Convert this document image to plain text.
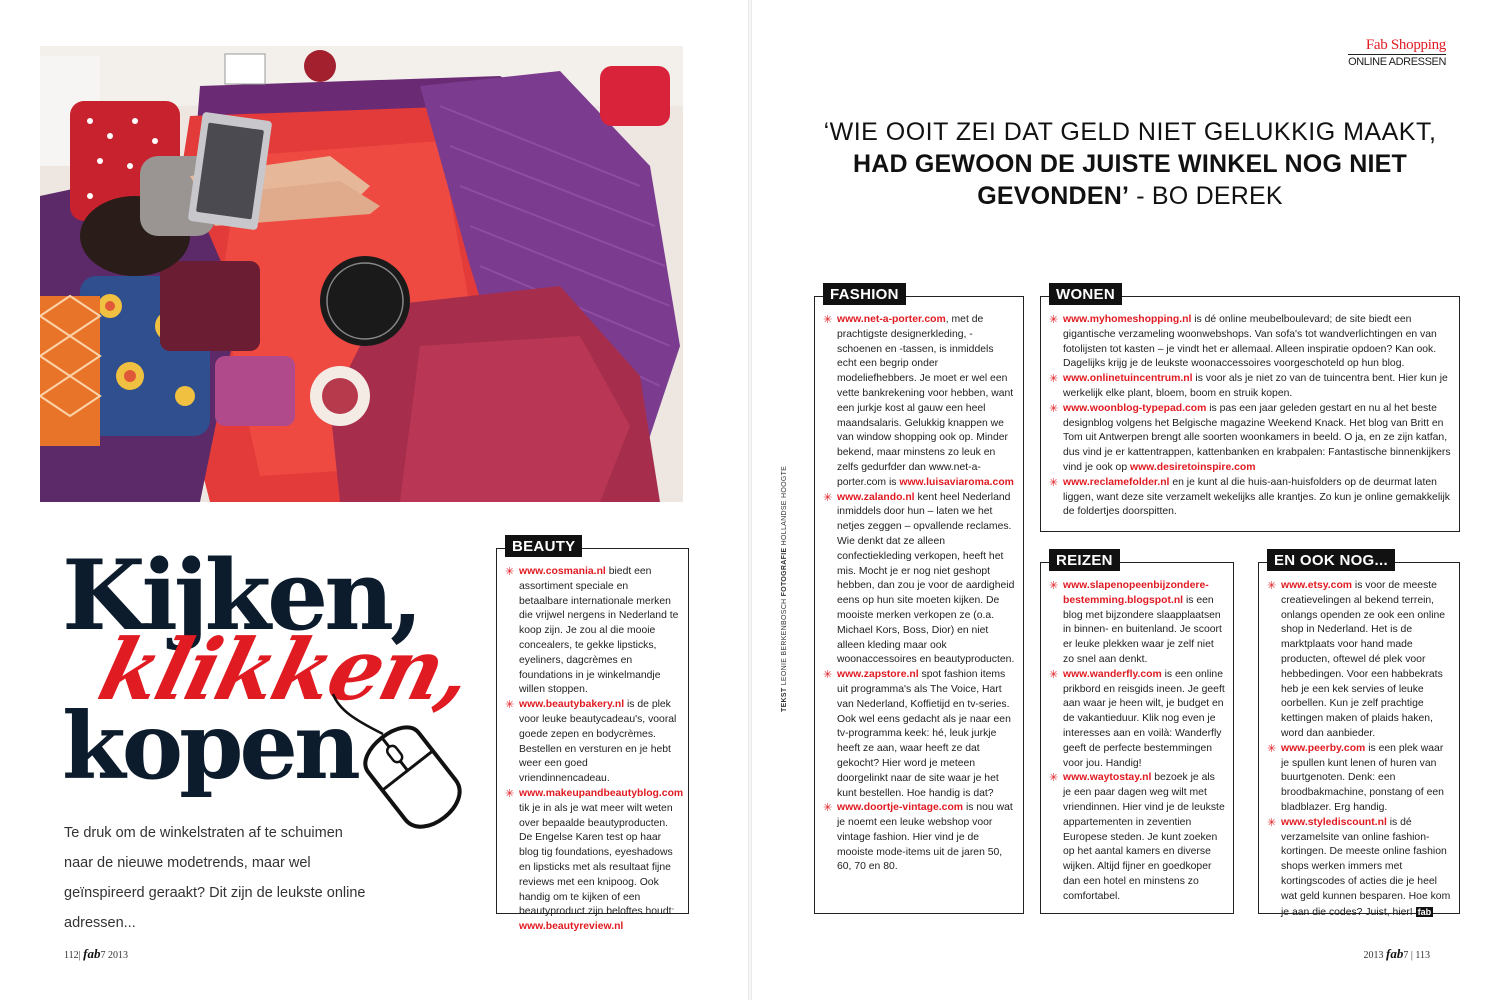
Kijken,
klikken,
kopen

Te druk om de winkelstraten af te schuimen naar de nieuwe modetrends, maar wel geïnspireerd geraakt? Dit zijn de leukste online adressen...

112| fab7 2013
BEAUTY

✳ www.cosmania.nl biedt een assortiment speciale en betaalbare internationale merken die vrijwel nergens in Nederland te koop zijn. Je zou al die mooie concealers, te gekke lipsticks, eyeliners, dagcrèmes en foundations in je winkelmandje willen stoppen.

✳ www.beautybakery.nl is de plek voor leuke beautycadeau's, vooral goede zepen en bodycrèmes. Bestellen en versturen en je hebt weer een goed vriendinnencadeau.

✳ www.makeupandbeautyblog.com tik je in als je wat meer wilt weten over bepaalde beautyproducten. De Engelse Karen test op haar blog tig foundations, eyeshadows en lipsticks met als resultaat fijne reviews met een knipoog. Ook handig om te kijken of een beautyproduct zijn beloftes houdt: www.beautyreview.nl

Fab Shopping
ONLINE ADRESSEN
‘WIE OOIT ZEI DAT GELD NIET GELUKKIG MAAKT,
HAD GEWOON DE JUISTE WINKEL NOG NIET
GEVONDEN’ - BO DEREK
TEKST LEONIE BERKENBOSCH FOTOGRAFIE HOLLANDSE HOOGTE
FASHION

✳ www.net-a-porter.com, met de prachtigste designerkleding, -schoenen en -tassen, is inmiddels echt een begrip onder modeliefhebbers. Je moet er wel een vette bankrekening voor hebben, want een jurkje kost al gauw een heel maandsalaris. Gelukkig knappen we van window shopping ook op. Minder bekend, maar minstens zo leuk en zelfs gedurfder dan www.net-a-porter.com is www.luisaviaroma.com

✳ www.zalando.nl kent heel Nederland inmiddels door hun – laten we het netjes zeggen – opvallende reclames. Wie denkt dat ze alleen confectiekleding verkopen, heeft het mis. Mocht je er nog niet geshopt hebben, dan zou je voor de aardigheid eens op hun site moeten kijken. De mooiste merken verkopen ze (o.a. Michael Kors, Boss, Dior) en niet alleen kleding maar ook woonaccessoires en beautyproducten.

✳ www.zapstore.nl spot fashion items uit programma's als The Voice, Hart van Nederland, Koffietijd en tv-series. Ook wel eens gedacht als je naar een tv-programma keek: hé, leuk jurkje heeft ze aan, waar heeft ze dat gekocht? Hier word je meteen doorgelinkt naar de site waar je het kunt bestellen. Hoe handig is dat?

✳ www.doortje-vintage.com is nou wat je noemt een leuke webshop voor vintage fashion. Hier vind je de mooiste mode-items uit de jaren 50, 60, 70 en 80.

WONEN

✳ www.myhomeshopping.nl is dé online meubelboulevard; de site biedt een gigantische verzameling woonwebshops. Van sofa's tot wandverlichtingen en van fotolijsten tot kasten – je vindt het er allemaal. Alleen inspiratie opdoen? Kan ook. Dagelijks krijg je de leukste woonaccessoires voorgeschoteld op hun blog.

✳ www.onlinetuincentrum.nl is voor als je niet zo van de tuincentra bent. Hier kun je werkelijk elke plant, bloem, boom en struik kopen.

✳ www.woonblog-typepad.com is pas een jaar geleden gestart en nu al het beste designblog volgens het Belgische magazine Weekend Knack. Het blog van Britt en Tom uit Antwerpen brengt alle soorten woonkamers in beeld. O ja, en ze zijn katfan, dus vind je er kattentrappen, kattenbanken en krabpalen: Fantastische binnenkijkers vind je ook op www.desiretoinspire.com

✳ www.reclamefolder.nl en je kunt al die huis-aan-huisfolders op de deurmat laten liggen, want deze site verzamelt wekelijks alle krantjes. Zo kun je online gemakkelijk de foldertjes doorspitten.

REIZEN

✳ www.slapenopeenbijzondere-bestemming.blogspot.nl is een blog met bijzondere slaapplaatsen in binnen- en buitenland. Je scoort er leuke plekken waar je zelf niet zo snel aan denkt.

✳ www.wanderfly.com is een online prikbord en reisgids ineen. Je geeft aan waar je heen wilt, je budget en de vakantieduur. Klik nog even je interesses aan en voilà: Wanderfly geeft de perfecte bestemmingen voor jou. Handig!

✳ www.waytostay.nl bezoek je als je een paar dagen weg wilt met vriendinnen. Hier vind je de leukste appartementen in zeventien Europese steden. Je kunt zoeken op het aantal kamers en diverse wijken. Altijd fijner en goedkoper dan een hotel en minstens zo comfortabel.

EN OOK NOG...

✳ www.etsy.com is voor de meeste creatievelingen al bekend terrein, onlangs openden ze ook een online shop in Nederland. Het is de marktplaats voor hand made producten, oftewel dé plek voor hebbedingen. Voor een habbekrats heb je een kek servies of leuke oorbellen. Kun je zelf prachtige kettingen maken of plaids haken, word dan aanbieder.

✳ www.peerby.com is een plek waar je spullen kunt lenen of huren van buurtgenoten. Denk: een broodbakmachine, ponstang of een bladblazer. Erg handig.

✳ www.stylediscount.nl is dé verzamelsite van online fashion-kortingen. De meeste online fashion shops werken immers met kortingscodes of acties die je heel wat geld kunnen besparen. Hoe kom je aan die codes? Juist, hier! fab

2013 fab7 | 113
